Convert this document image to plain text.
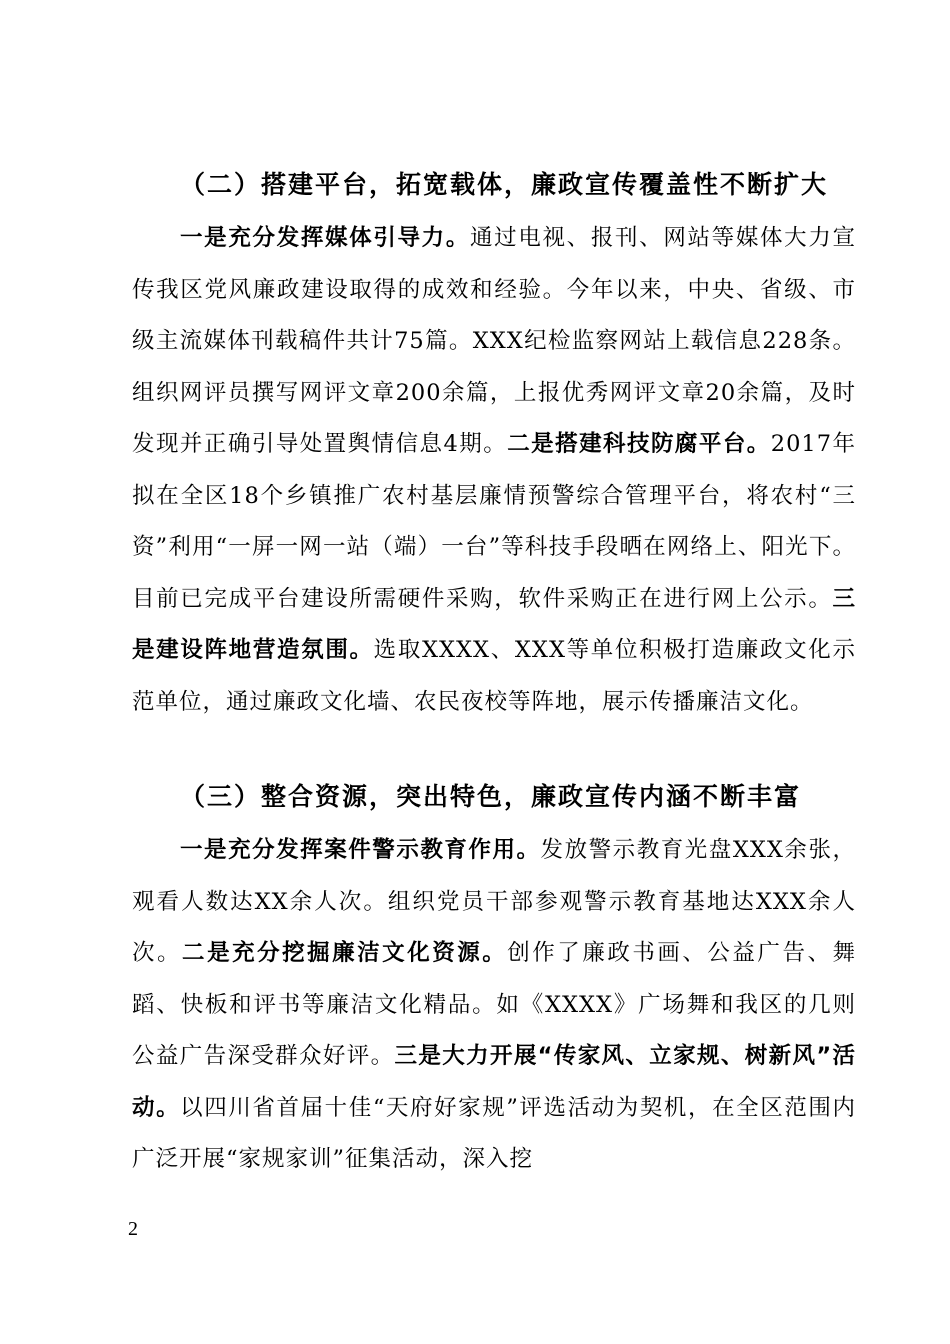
（二）搭建平台，拓宽载体，廉政宣传覆盖性不断扩大
一是充分发挥媒体引导力。通过电视、报刊、网站等媒体大力宣传我区党风廉政建设取得的成效和经验。今年以来，中央、省级、市级主流媒体刊载稿件共计75篇。XXX纪检监察网站上载信息228条。组织网评员撰写网评文章200余篇，上报优秀网评文章20余篇，及时发现并正确引导处置舆情信息4期。二是搭建科技防腐平台。2017年拟在全区18个乡镇推广农村基层廉情预警综合管理平台，将农村“三资”利用“一屏一网一站（端）一台”等科技手段晒在网络上、阳光下。目前已完成平台建设所需硬件采购，软件采购正在进行网上公示。三是建设阵地营造氛围。选取XXXX、XXX等单位积极打造廉政文化示范单位，通过廉政文化墙、农民夜校等阵地，展示传播廉洁文化。
（三）整合资源，突出特色，廉政宣传内涵不断丰富
一是充分发挥案件警示教育作用。发放警示教育光盘XXX余张，观看人数达XX余人次。组织党员干部参观警示教育基地达XXX余人次。二是充分挖掘廉洁文化资源。创作了廉政书画、公益广告、舞蹈、快板和评书等廉洁文化精品。如《XXXX》广场舞和我区的几则公益广告深受群众好评。三是大力开展“传家风、立家规、树新风”活动。以四川省首届十佳“天府好家规”评选活动为契机，在全区范围内广泛开展“家规家训”征集活动，深入挖
2
